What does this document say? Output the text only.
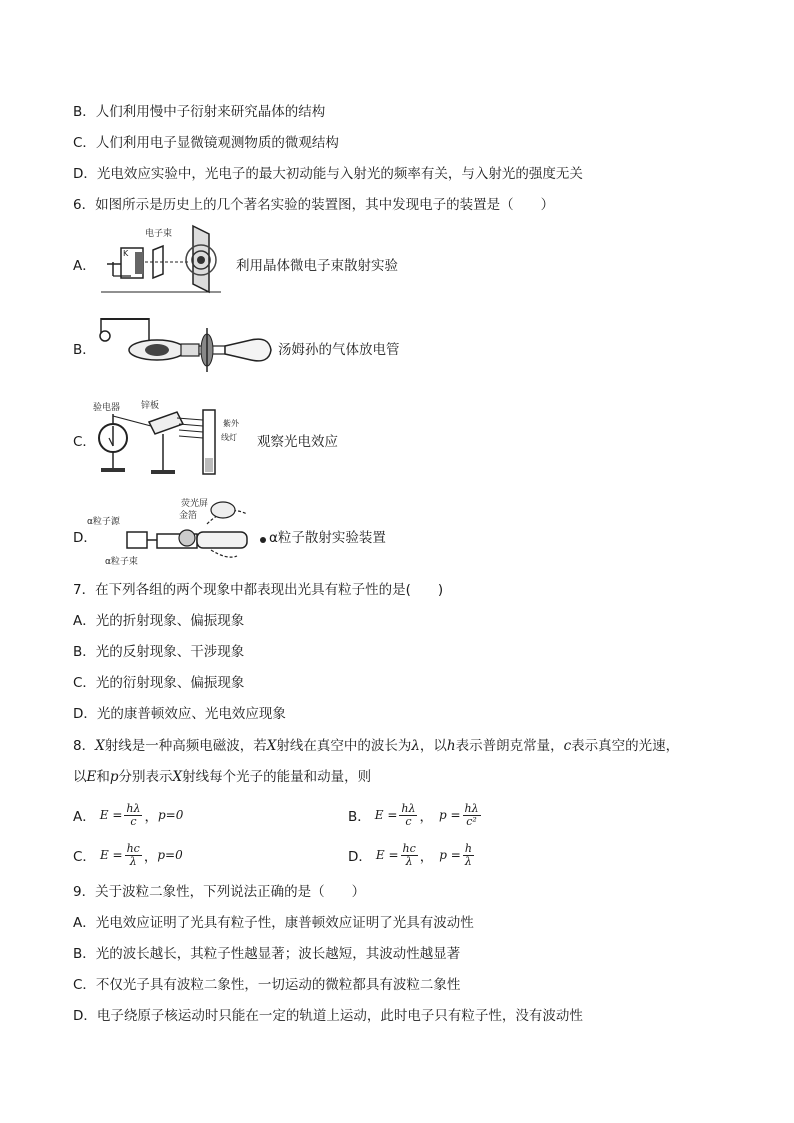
B．人们利用慢中子衍射来研究晶体的结构
C．人们利用电子显微镜观测物质的微观结构
D．光电效应实验中，光电子的最大初动能与入射光的频率有关，与入射光的强度无关
6．如图所示是历史上的几个著名实验的装置图，其中发现电子的装置是（　　）
A．
K
电子束
利用晶体微电子束散射实验
B．	汤姆孙的气体放电管
C．
验电器 锌板
紫外
线灯 观察光电效应
D．
α粒子源
荧光屏
金箔
α粒子束
α粒子散射实验装置
7．在下列各组的两个现象中都表现出光具有粒子性的是(　　)
A．光的折射现象、偏振现象
B．光的反射现象、干涉现象
C．光的衍射现象、偏振现象
D．光的康普顿效应、光电效应现象
8．X射线是一种高频电磁波，若X射线在真空中的波长为λ，以h表示普朗克常量，c表示真空的光速，
以E和p分别表示X射线每个光子的能量和动量，则
A． $E = \frac{h\lambda}{c}$ ， p=0	B． $E = \frac{h\lambda}{c}$ ， $p = \frac{h\lambda}{\text{c²}}$
C． $E = \frac{hc}{\lambda}$ ， p=0	D． $E = \frac{hc}{\lambda}$ ， $p = \frac{h}{\lambda}$
9．关于波粒二象性，下列说法正确的是（　　）
A．光电效应证明了光具有粒子性，康普顿效应证明了光具有波动性
B．光的波长越长，其粒子性越显著；波长越短，其波动性越显著
C．不仅光子具有波粒二象性，一切运动的微粒都具有波粒二象性
D．电子绕原子核运动时只能在一定的轨道上运动，此时电子只有粒子性，没有波动性
